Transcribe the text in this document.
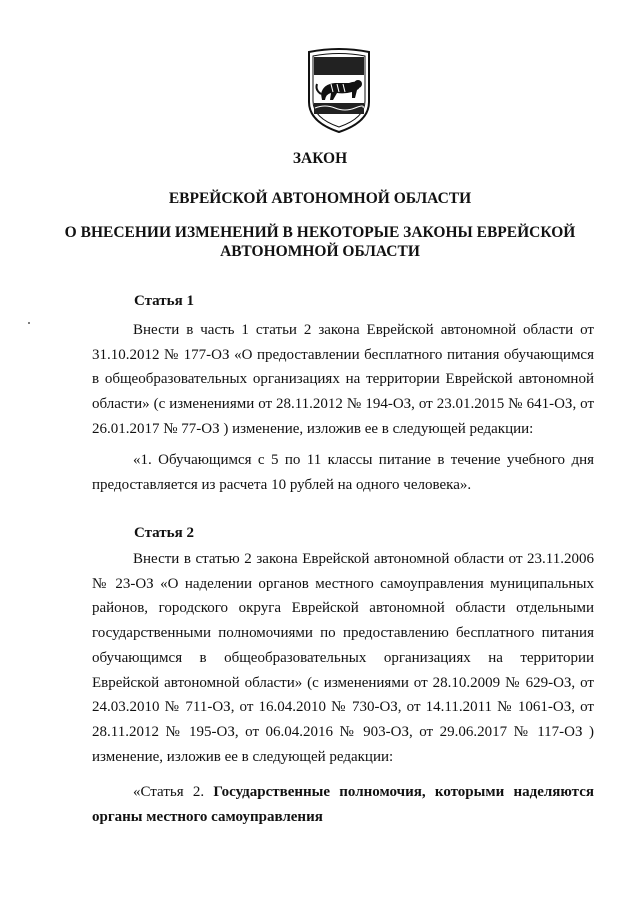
ЗАКОН
ЕВРЕЙСКОЙ АВТОНОМНОЙ ОБЛАСТИ
О ВНЕСЕНИИ ИЗМЕНЕНИЙ В НЕКОТОРЫЕ ЗАКОНЫ ЕВРЕЙСКОЙ
АВТОНОМНОЙ ОБЛАСТИ
Статья 1

Внести в часть 1 статьи 2 закона Еврейской автономной области от 31.10.2012 № 177-ОЗ «О предоставлении бесплатного питания обучающимся в общеобразовательных организациях на территории Еврейской автономной области» (с изменениями от 28.11.2012 № 194-ОЗ, от 23.01.2015 № 641-ОЗ, от 26.01.2017 № 77-ОЗ ) изменение, изложив ее в следующей редакции:

«1. Обучающимся с 5 по 11 классы питание в течение учебного дня предоставляется из расчета 10 рублей на одного человека».

Статья 2

Внести в статью 2 закона Еврейской автономной области от 23.11.2006 № 23-ОЗ «О наделении органов местного самоуправления муниципальных районов, городского округа Еврейской автономной области отдельными государственными полномочиями по предоставлению бесплатного питания обучающимся в общеобразовательных организациях на территории Еврейской автономной области» (с изменениями от 28.10.2009 № 629-ОЗ, от 24.03.2010 № 711-ОЗ, от 16.04.2010 № 730-ОЗ, от 14.11.2011 № 1061-ОЗ, от 28.11.2012 № 195-ОЗ, от 06.04.2016 № 903-ОЗ, от 29.06.2017 № 117-ОЗ ) изменение, изложив ее в следующей редакции:

«Статья 2. Государственные полномочия, которыми наделяются органы местного самоуправления
